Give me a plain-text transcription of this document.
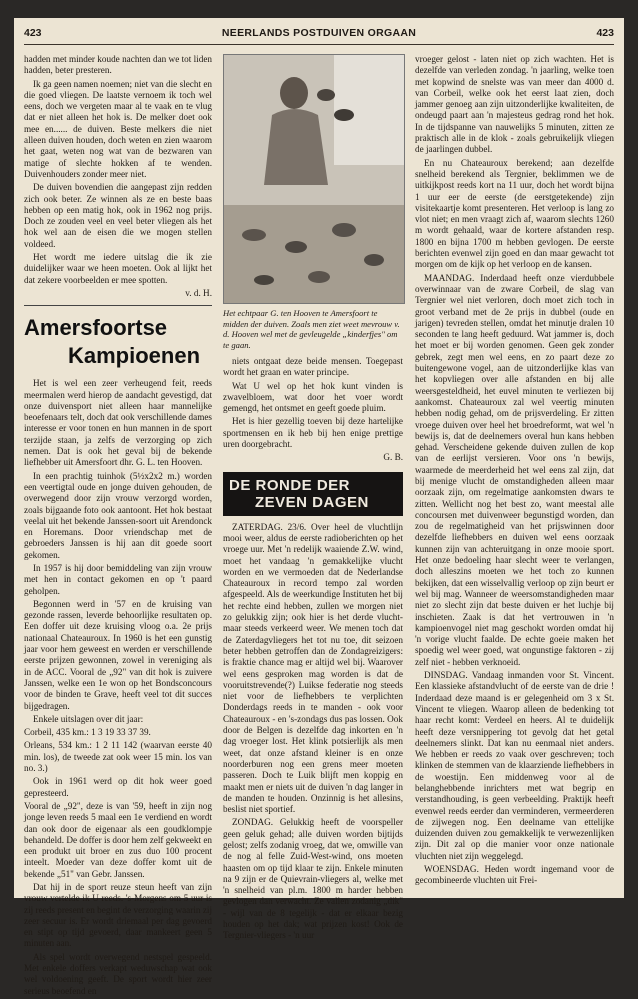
423	NEERLANDS POSTDUIVEN ORGAAN	423

hadden met minder koude nachten dan we tot liden hadden, beter presteren.

Ik ga geen namen noemen; niet van die slecht en die goed vliegen. De laatste vernoem ik toch wel eens, doch we vergeten maar al te vaak en te vlug dat er niet alleen het hok is. De melker doet ook mee en...... de duiven. Beste melkers die niet alleen duiven houden, doch weten en zien waarom het gaat, weten nog wat van de bezwaren van matige of slechte hokken af te wenden. Duivenhouders zonder meer niet.

De duiven bovendien die aangepast zijn redden zich ook beter. Ze winnen als ze en beste baas hebben op een matig hok, ook in 1962 nog prijs. Doch ze zouden veel en veel beter vliegen als het hok wel aan de eisen die we mogen stellen voldeed.

Het wordt me iedere uitslag die ik zie duidelijker waar we heen moeten. Ook al lijkt het dat zekere voorbeelden er mee spotten.

v. d. H.
Amersfoortse
Kampioenen

Het is wel een zeer verheugend feit, reeds meermalen werd hierop de aandacht gevestigd, dat onze duivensport niet alleen haar mannelijke beoefenaars telt, doch dat ook verschillende dames interesse er voor tonen en hun mannen in de sport terzijde staan, ja zelfs de verzorging op zich nemen. Dat is ook het geval bij de bekende liefhebber uit Amersfoort dhr. G. L. ten Hooven.

In een prachtig tuinhok (5½x2x2 m.) worden een veertigtal oude en jonge duiven gehouden, de overwegend door zijn vrouw verzorgd worden, zoals bijgaande foto ook aantoont. Het hok bestaat veelal uit het bekende Janssen-soort uit Arendonck en Horemans. Door vriendschap met de gebroeders Janssen is hij aan dit goede soort gekomen.

In 1957 is hij door bemiddeling van zijn vrouw met hen in contact gekomen en op 't paard geholpen.

Begonnen werd in '57 en de kruising van gezonde rassen, leverde behoorlijke resultaten op. Een doffer uit deze kruising vloog o.a. 2e prijs nationaal Chateauroux. In 1960 is het een gunstig jaar voor hem geweest en werden er verschillende eerste prijzen gewonnen, zowel in vereniging als in de ACC. Vooral de „92" van dit hok is zuivere Janssen, welke een 1e won op het Bondsconcours voor de binden te Grave, heeft veel tot dit succes bijgedragen.

Enkele uitslagen over dit jaar:

Corbeil, 435 km.: 1 3 19 33 37 39.

Orleans, 534 km.: 1 2 11 142 (waarvan eerste 40 min. los), de tweede zat ook weer 15 min. los van no. 3.)

Ook in 1961 werd op dit hok weer goed gepresteerd.

Vooral de „92", deze is van '59, heeft in zijn nog jonge leven reeds 5 maal een 1e verdiend en wordt dan ook door de eigenaar als een goudklompje behandeld. De doffer is door hem zelf gekweekt en een produkt uit broer en zus duo 100 procent inteelt. Moeder van deze doffer komt uit de bekende „51" van Gebr. Janssen.

Dat hij in de sport reuze steun heeft van zijn vrouw vertelde ik U reeds. 's-Morgens om 5 uur is zij reeds present en begint de verzorging waarin zij zeer secuur is. Er wordt driemaal per dag gevoerd en stipt op tijd gevoerd, daar mankeert geen 5 minuten aan.

Als spel wordt overwegend nestspel gespeeld. Met enkele doffers verkapt weduwschap wat ook wel voldoening geeft. De sport wordt hier zeer serieus beoefend en

Het echtpaar G. ten Hooven te Amersfoort te midden der duiven. Zoals men ziet weet mevrouw v. d. Hooven wel met de gevleugelde „kinderfjes" om te gaan.

niets ontgaat deze beide mensen. Toegepast wordt het graan en water principe.

Wat U wel op het hok kunt vinden is zwavelbloem, wat door het voer wordt gemengd, het ontsmet en geeft goede pluim.

Het is hier gezellig toeven bij deze hartelijke sportmensen en ik heb bij hen enige prettige uren doorgebracht.

G. B.
DE RONDE DER
ZEVEN DAGEN

ZATERDAG. 23/6. Over heel de vluchtlijn mooi weer, aldus de eerste radioberichten op het vroege uur. Met 'n redelijk waaiende Z.W. wind, moet het vandaag 'n gemakkelijke vlucht worden en we vermoeden dat de Nederlandse Chateauroux in record tempo zal worden afgespeeld. Als de weerkundige Instituten het bij het rechte eind hebben, zullen we morgen niet zo gelukkig zijn; ook hier is het derde vlucht-maar steeds verkeerd weer. We menen toch dat de Zaterdagvliegers het tot nu toe, dit seizoen beter hebben getroffen dan de Zondagreizigers: is fraktie chance mag er altijd wel bij. Waarover wel eens gesproken mag worden is dat de vooruitstrevende(?) Luikse federatie nog steeds niet voor de liefhebbers te verplichten Donderdags reeds in te manden - ook voor Chateauroux - en 's-zondags dus pas lossen. Ook door de Belgen is dezelfde dag inkorten en 'n dag vroeger lost. Het klink potsierlijk als men weet, dat onze afstand kleiner is en onze noorderburen nog een grens meer moeten passeren. Doch te Luik blijft men koppig en maakt men er niets uit de duiven 'n dag langer in de manden te houden. Onzinnig is het allesins, beslist niet sportief.

ZONDAG. Gelukkig heeft de voorspeller geen geluk gehad; alle duiven worden bijtijds gelost; zelfs zodanig vroeg, dat we, omwille van de nog al felle Zuid-West-wind, ons moeten haasten om op tijd klaar te zijn. Enkele minuten na 9 zijn er de Quievrain-vliegers al, welke met 'n snelheid van pl.m. 1800 m harder hebben gevlogen dan verwacht. Ze vallen zodanig „dik" - wijl van de 8 tegelijk - dat er elkaar bezig houden op het dak; wat prijzen kost! Ook de Tergnier-vliegers - 'n uur

vroeger gelost - laten niet op zich wachten. Het is dezelfde van verleden zondag. 'n jaarling, welke toen met kopwind de snelste was van meer dan 4000 d. van Corbeil, welke ook het eerst laat zien, doch jammer genoeg aan zijn uitzonderlijke kwaliteiten, de ondeugd paart aan 'n majesteus gedrag rond het hok. In de tijdspanne van nauwelijks 5 minuten, zitten ze praktisch alle in de klok - zoals gebruikelijk vliegen de jaarlingen dubbel.

En nu Chateauroux berekend; aan dezelfde snelheid berekend als Tergnier, beklimmen we de uitkijkpost reeds kort na 11 uur, doch het wordt bijna 1 uur eer de eerste (de eerstgetekende) zijn visitekaartje komt presenteren. Het verloop is lang zo vlot niet; en men vraagt zich af, waarom slechts 1260 m wordt gehaald, waar de kortere afstanden resp. 1800 en bijna 1700 m hebben gevlogen. De eerste berichten evenwel zijn goed en dan maar gewacht tot morgen om de kijk op het verloop en de kansen.

MAANDAG. Inderdaad heeft onze vierdubbele overwinnaar van de zware Corbeil, de slag van Tergnier wel niet verloren, doch moet zich toch in groot verband met de 2e prijs in dubbel (oude en jarigen) tevreden stellen, omdat het minutje dralen 10 seconden te lang heeft geduurd. Wat jammer is, doch het moet er bij worden genomen. Geen gek zonder gebrek, zegt men wel eens, en zo paart deze zo buitengewone vogel, aan de uitzonderlijke klas van het kopvliegen over alle afstanden en bij alle weersgesteldheid, het euvel minuten te verliezen bij aankomst. Chateauroux zal wel veertig minuten hebben nodig gehad, om de prijsverdeling. Er zitten vroege duiven over heel het broedreformt, wat wel 'n bewijs is, dat de deelnemers overal hun kans hebben gehad. Verscheidene gekende duiven zullen de kop van de eerlijst versieren. Voor ons 'n bewijs, waarmede de meerderheid het wel eens zal zijn, dat bij menige vlucht de omstandigheden alleen maar oorzaak zijn, om regelmatige aankomsten dwars te zitten. Wellicht nog het best zo, want meestal alle concoursen met duivenweer begunstigd worden, dan zou de regelmatigheid van het prijswinnen door dezelfde liefhebbers en duiven wel eens oorzaak kunnen zijn van achteruitgang in onze mooie sport. Het onze bedoeling haar slecht weer te verlangen, doch alleszins moeten we het toch zo kunnen bekijken, dat een wisselvallig verloop op zijn beurt er wel bij mag. Wanneer de weersomstandigheden maar niet zo slecht zijn dat beste duiven er het luchje bij inschieten. Zaak is dat het vertrouwen in 'n kampioenvogel niet mag geschokt worden omdat hij 'n vorige vlucht faalde. De echte goeie maken het spoedig wel weer goed, wat ongunstige faktoren - zij zelf niet - hebben verknoeid.

DINSDAG. Vandaag inmanden voor St. Vincent. Een klassieke afstandvlucht of de eerste van de drie ! Inderdaad deze maand is er gelegenheid om 3 x St. Vincent te vliegen. Waarop alleen de bedenking tot haar recht komt: Verdeel en heers. Al te duidelijk heeft deze versnippering tot gevolg dat het getal deelnemers slinkt. Dat kan nu eenmaal niet anders. We hebben er reeds zo vaak over geschreven; toch klinken de stemmen van de klaarziende liefhebbers in de woestijn. Een middenweg voor al de belanghebbende inrichters met wat begrip en verstandhouding, is geen verbeelding. Praktijk heeft evenwel reeds eerder dan verminderen, vermeerderen de zijwegen nog. Een deelname van ettelijke duizenden duiven zou gemakkelijk te verwezenlijken zijn. Dit zal op die manier voor onze nationale vluchten niet zijn weggelegd.

WOENSDAG. Heden wordt ingemand voor de gecombineerde vluchten uit Frei-
